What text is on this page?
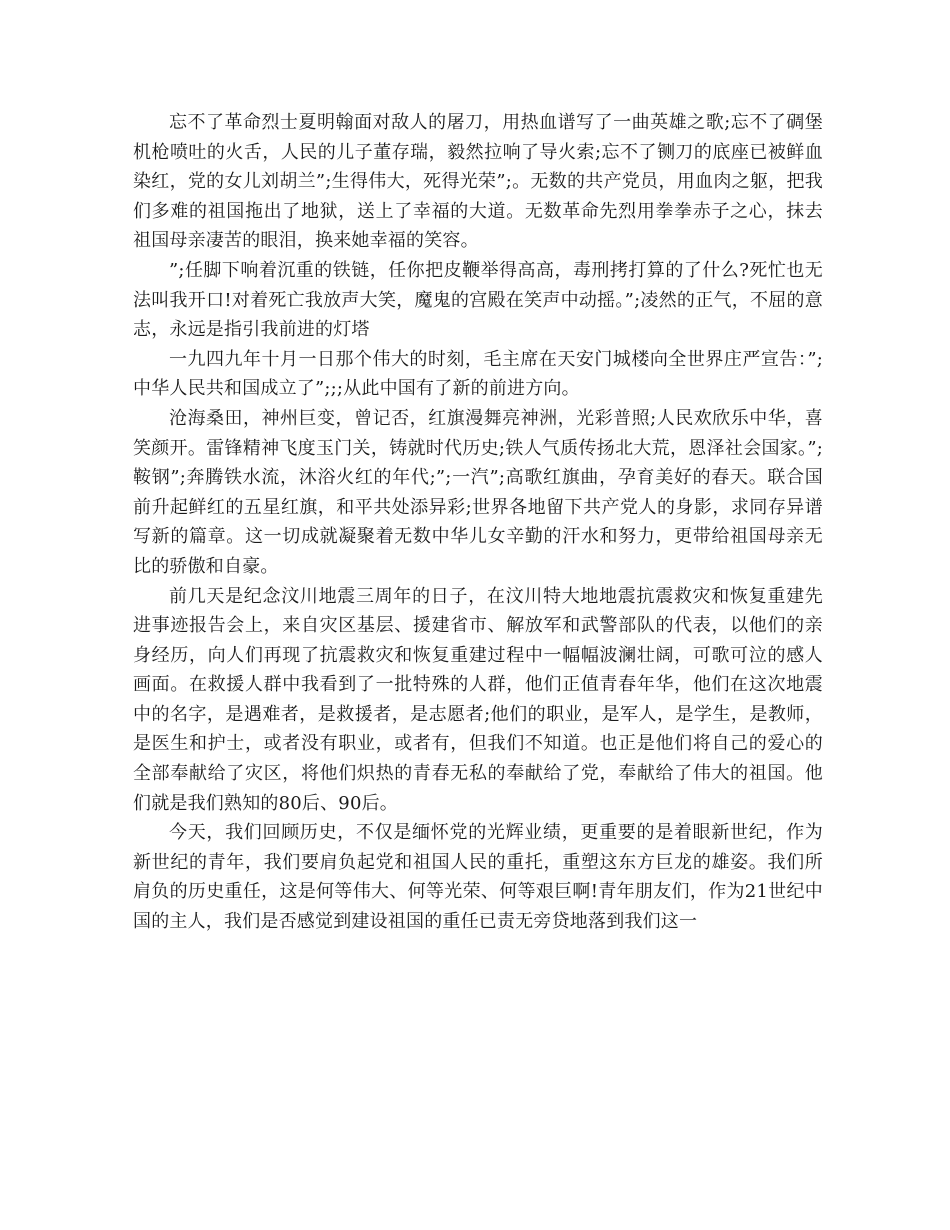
忘不了革命烈士夏明翰面对敌人的屠刀，用热血谱写了一曲英雄之歌;忘不了碉堡机枪喷吐的火舌，人民的儿子董存瑞，毅然拉响了导火索;忘不了铡刀的底座已被鲜血染红，党的女儿刘胡兰”;生得伟大，死得光荣”;。无数的共产党员，用血肉之躯，把我们多难的祖国拖出了地狱，送上了幸福的大道。无数革命先烈用拳拳赤子之心，抹去祖国母亲凄苦的眼泪，换来她幸福的笑容。

”;任脚下响着沉重的铁链，任你把皮鞭举得高高，毒刑拷打算的了什么?死忙也无法叫我开口!对着死亡我放声大笑，魔鬼的宫殿在笑声中动摇。”;凌然的正气，不屈的意志，永远是指引我前进的灯塔

一九四九年十月一日那个伟大的时刻，毛主席在天安门城楼向全世界庄严宣告：”;中华人民共和国成立了”;;;从此中国有了新的前进方向。

沧海桑田，神州巨变，曾记否，红旗漫舞亮神洲，光彩普照;人民欢欣乐中华，喜笑颜开。雷锋精神飞度玉门关，铸就时代历史;铁人气质传扬北大荒，恩泽社会国家。”;鞍钢”;奔腾铁水流，沐浴火红的年代;”;一汽”;高歌红旗曲，孕育美好的春天。联合国前升起鲜红的五星红旗，和平共处添异彩;世界各地留下共产党人的身影，求同存异谱写新的篇章。这一切成就凝聚着无数中华儿女辛勤的汗水和努力，更带给祖国母亲无比的骄傲和自豪。

前几天是纪念汶川地震三周年的日子，在汶川特大地地震抗震救灾和恢复重建先进事迹报告会上，来自灾区基层、援建省市、解放军和武警部队的代表，以他们的亲身经历，向人们再现了抗震救灾和恢复重建过程中一幅幅波澜壮阔，可歌可泣的感人画面。在救援人群中我看到了一批特殊的人群，他们正值青春年华，他们在这次地震中的名字，是遇难者，是救援者，是志愿者;他们的职业，是军人，是学生，是教师，是医生和护士，或者没有职业，或者有，但我们不知道。也正是他们将自己的爱心的全部奉献给了灾区，将他们炽热的青春无私的奉献给了党，奉献给了伟大的祖国。他们就是我们熟知的80后、90后。

今天，我们回顾历史，不仅是缅怀党的光辉业绩，更重要的是着眼新世纪，作为新世纪的青年，我们要肩负起党和祖国人民的重托，重塑这东方巨龙的雄姿。我们所肩负的历史重任，这是何等伟大、何等光荣、何等艰巨啊!青年朋友们，作为21世纪中国的主人，我们是否感觉到建设祖国的重任已责无旁贷地落到我们这一
